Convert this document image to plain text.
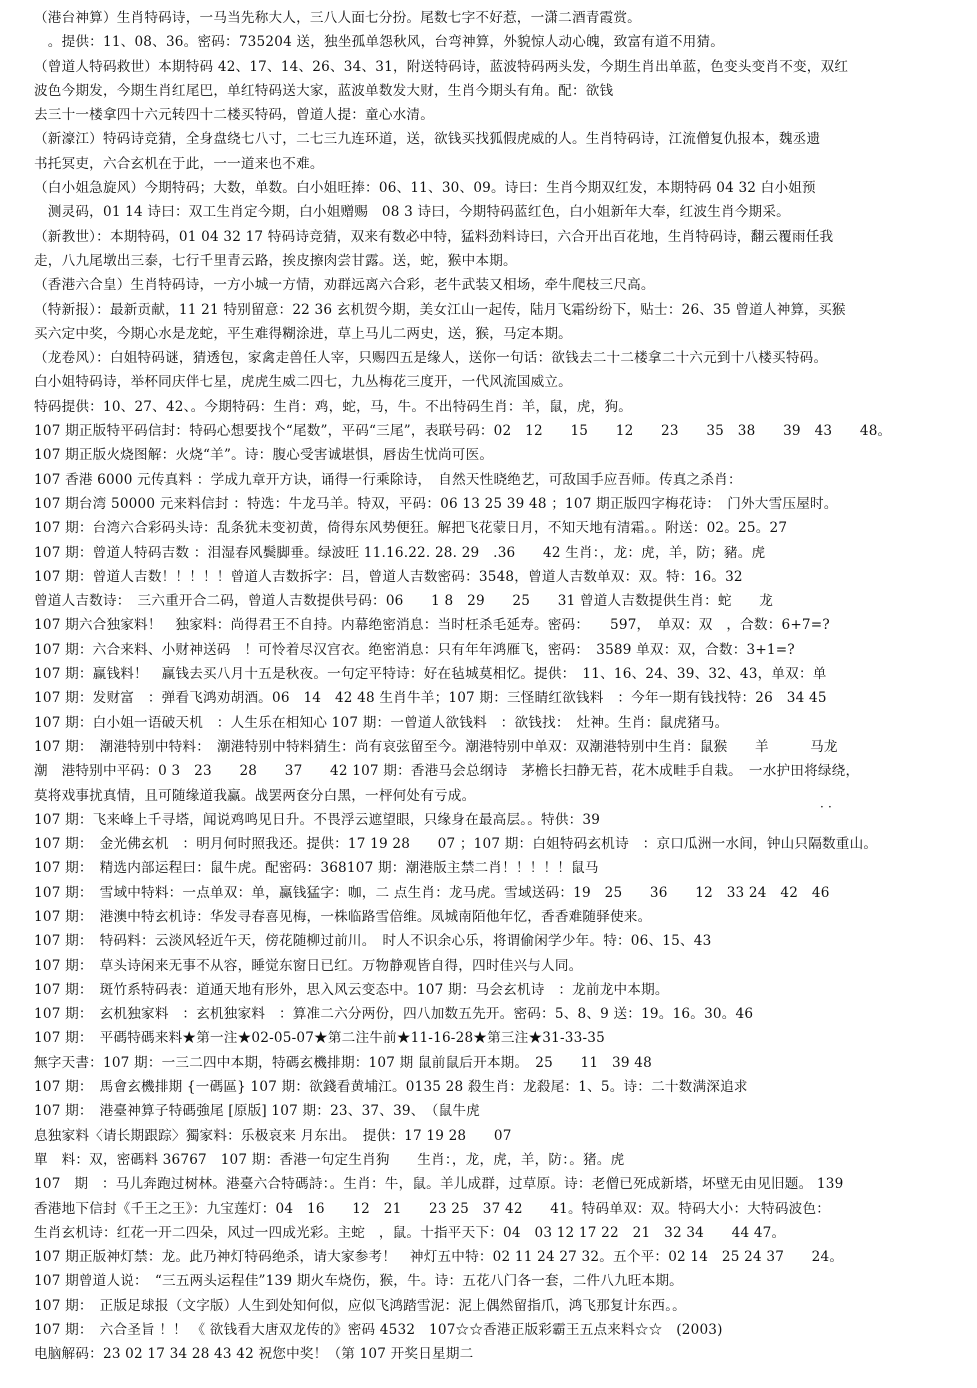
（港台神算）生肖特码诗，一马当先称大人，三八人面七分扮。尾数七字不好惹，一潇二酒青霞赏。
　。提供：11、08、36。密码：735204 送，独坐孤单怨秋风，台弯神算，外貌惊人动心魄，致富有道不用猜。
（曾道人特码救世）本期特码 42、17、14、26、34、31，附送特码诗，蓝波特码两头发，今期生肖出单蓝，色变头变肖不变，双红
波色今期发，今期生肖红尾巴，单红特码送大家，蓝波单数发大财，生肖今期头有角。配：欲钱
去三十一楼拿四十六元转四十二楼买特码，曾道人提：童心水清。
（新濠江）特码诗竞猜，全身盘绕七八寸，二七三九连环道，送，欲钱买找狐假虎威的人。生肖特码诗，江流僧复仇报本，魏丞遗
书托冥吏，六合玄机在于此，一一道来也不难。
（白小姐急旋风）今期特码；大数，单数。白小姐旺捧：06、11、30、09。诗曰：生肖今期双红发，本期特码 04 32 白小姐预
　测灵码，01 14 诗曰：双工生肖定今期，白小姐赠赐　08 3 诗曰，今期特码蓝红色，白小姐新年大奉，红波生肖今期采。
（新教世）：本期特码，01 04 32 17 特码诗竞猜，双来有数必中特，猛料劲料诗曰，六合开出百花地，生肖特码诗，翻云覆雨任我
走，八九尾墩出三泰，七行千里青云路，挨皮擦肉尝甘露。送，蛇，猴中本期。
（香港六合皇）生肖特码诗，一方小城一方情，劝群远离六合彩，老牛武装又相场，牵牛爬枝三尺高。
（特新报）：最新贡献，11 21 特别留意：22 36 玄机贺今期，美女江山一起传，陆月飞霜纷纷下，贴士：26、35 曾道人神算，买猴
买六定中奖，今期心水是龙蛇，平生难得糊涂进，草上马儿二两史，送，猴，马定本期。
（龙卷风）：白姐特码谜，猜透包，家禽走兽任人宰，只赐四五是缘人，送你一句话：欲钱去二十二楼拿二十六元到十八楼买特码。
白小姐特码诗，举杯同庆伴七星，虎虎生威二四七，九丛梅花三度开，一代风流国威立。
特码提供：10、27、42、。今期特码：生肖：鸡，蛇，马，牛。不出特码生肖：羊，鼠，虎，狗。
107 期正版特平码信封：特码心想要找个“尾数”，平码“三尾”，表联号码：02　12　　15　　12　　23　　35　38　　39　43　　48。
107 期正版火烧图解：火烧“羊”。诗：腹心受害诚堪惧，唇齿生忧尚可医。
107 香港 6000 元传真料 ：学成九章开方诀，诵得一行乘除诗，　自然天性晓绝艺，可敌国手应吾师。传真之杀肖：
107 期台湾 50000 元来料信封 ：特选：牛龙马羊。特双，平码：06 13 25 39 48 ；107 期正版四字梅花诗：　门外大雪压屋时。
107 期：台湾六合彩码头诗：乱条犹未变初黄，倚得东风势便狂。解把飞花蒙日月，不知天地有清霜。。附送：02。25。27
107 期：曾道人特码吉数 ：泪湿春风鬓脚垂。绿波旺 11.16.22. 28. 29　.36　　42 生肖：，龙：虎，羊，防；豬。虎
107 期：曾道人吉数！！！！！曾道人吉数拆字：吕，曾道人吉数密码：3548，曾道人吉数单双：双。特：16。32
曾道人吉数诗：　三六重开合二码，曾道人吉数提供号码：06　　1 8　29　　25　　31 曾道人吉数提供生肖：蛇　　龙
107 期六合独家料！　独家料：尚得君王不自持。内幕绝密消息：当时枉杀毛延寿。密码：　　597，　单双：双　，合数：6+7=?
107 期：六合来料、小财神送码　！可怜着尽汉宫衣。绝密消息：只有年年鸿雁飞，密码：　3589 单双：双，合数：3+1=?
107 期：赢钱料！　赢钱去买八月十五是秋夜。一句定平特诗：好在毡城莫相忆。提供：　11、16、24、39、32、43，单双：单
107 期：发财富　：弹看飞鸿劝胡酒。06　14　42 48 生肖牛羊；107 期：三怪睛红欲钱料　：今年一期有钱找特：26　34 45
107 期：白小姐一语破天机　：人生乐在相知心 107 期：一曾道人欲钱料　：欲钱找：　灶神。生肖：鼠虎猪马。
107 期：　潮港特别中特料：　潮港特别中特料猜生：尚有哀弦留至今。潮港特别中单双：双潮港特别中生肖：鼠猴　　羊　　　马龙
潮　港特别中平码：0 3　23　　28　　37　　42 107 期：香港马会总纲诗　茅檐长扫静无苔，花木成畦手自栽。　一水护田将绿绕，
莫将戏事扰真情，且可随缘道我赢。战罢两奁分白黑，一枰何处有亏成。
107 期：飞来峰上千寻塔，闻说鸡鸣见日升。不畏浮云遮望眼，只缘身在最高层。。特供：39
107 期：　金光佛玄机　：明月何时照我还。提供：17 19 28　　07 ；107 期：白姐特码玄机诗　：京口瓜洲一水间，钟山只隔数重山。
107 期：　精选内部运程曰：鼠牛虎。配密码：368107 期：潮港版主禁二肖！！！！！鼠马
107 期：　雪域中特料：一点单双：单，赢钱猛字：咖，二 点生肖：龙马虎。雪域送码：19　25　　36　　12　33 24　42　46
107 期：　港澳中特玄机诗：华发寻春喜见梅，一株临路雪倍维。凤城南陌他年忆，香香难随驿使来。
107 期：　特码料：云淡风轻近午天，傍花随柳过前川。　时人不识余心乐，将谓偷闲学少年。特：06、15、43
107 期：　草头诗闲来无事不从容，睡觉东窗日已红。万物静观皆自得，四时佳兴与人同。
107 期：　斑竹系特码表：道通天地有形外，思入风云变态中。107 期：马会玄机诗　：龙前龙中本期。
107 期：　玄机独家料　：玄机独家料　：算准二六分两份，四八加数五先开。密码：5、8、9 送：19。16。30。46
107 期：　平碼特碼来料★第一注★02-05-07★第二注牛前★11-16-28★第三注★31-33-35
無字天書：107 期：一三二四中本期，特碼玄機排期：107 期 鼠前鼠后开本期。　25　　11　39 48
107 期：　馬會玄機排期 {一碼區} 107 期：欲錢看黄埔江。0135 28 殺生肖：龙殺尾：1、5。诗：二十数满深追求
107 期：　港臺神算子特碼強尾 [原版] 107 期：23、37、39、　（鼠牛虎
息独家料〈请长期跟踪〉獨家料：乐极哀来 月东出。　提供：17 19 28　　07
單　料：双，密碼料 36767　107 期：香港一句定生肖狗　　生肖：，龙，虎，羊，防：。猪。虎
107　期　：马儿奔跑过树林。港臺六合特碼詩：。生肖：牛，鼠。羊儿成群，过草原。诗：老僧已死成新塔，坏壁无由见旧题。 139
香港地下信封《千王之王》：九宝莲灯：04　16　　12　21　　23 25　37 42　　41。特码单双：双。特码大小：大特码波色：
生肖玄机诗：红花一开二四朵，风过一四成光彩。主蛇　，鼠。十指平天下：04　03 12 17 22　21　32 34　　44 47。
107 期正版神灯禁：龙。此乃神灯特码绝杀，请大家参考！　神灯五中特：02 11 24 27 32。五个平：02 14　25 24 37　　24。
107 期曾道人说：　“三五两头运程佳”139 期火车烧伤，猴，牛。诗：五花八门各一套，二件八九旺本期。
107 期：　正版足球报（文字版）人生到处知何似，应似飞鸿踏雪泥：泥上偶然留指爪，鸿飞那复计东西。。
107 期：　六合圣旨 ！！ 《 欲钱看大唐双龙传的》密码 4532　107☆☆香港正版彩霸王五点来料☆☆　(2003)
电脑解码：23 02 17 34 28 43 42 祝您中奖！（第 107 开奖日星期二
· ·
